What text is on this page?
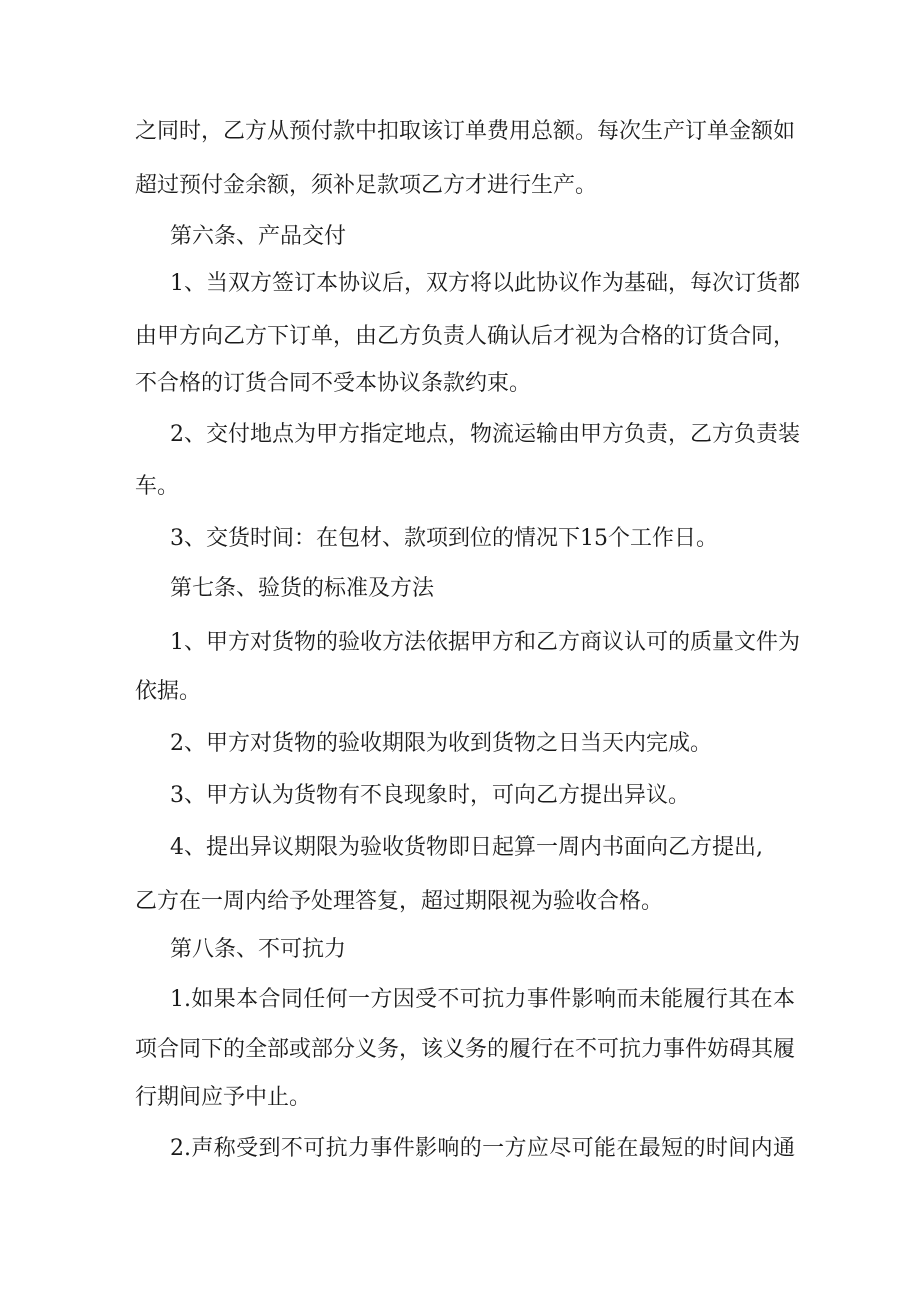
之同时，乙方从预付款中扣取该订单费用总额。每次生产订单金额如

超过预付金余额，须补足款项乙方才进行生产。

第六条、产品交付

1、当双方签订本协议后，双方将以此协议作为基础，每次订货都

由甲方向乙方下订单，由乙方负责人确认后才视为合格的订货合同，

不合格的订货合同不受本协议条款约束。

2、交付地点为甲方指定地点，物流运输由甲方负责，乙方负责装

车。

3、交货时间：在包材、款项到位的情况下15个工作日。

第七条、验货的标准及方法

1、甲方对货物的验收方法依据甲方和乙方商议认可的质量文件为

依据。

2、甲方对货物的验收期限为收到货物之日当天内完成。

3、甲方认为货物有不良现象时，可向乙方提出异议。

4、提出异议期限为验收货物即日起算一周内书面向乙方提出,

乙方在一周内给予处理答复，超过期限视为验收合格。

第八条、不可抗力

1.如果本合同任何一方因受不可抗力事件影响而未能履行其在本

项合同下的全部或部分义务，该义务的履行在不可抗力事件妨碍其履

行期间应予中止。

2.声称受到不可抗力事件影响的一方应尽可能在最短的时间内通
